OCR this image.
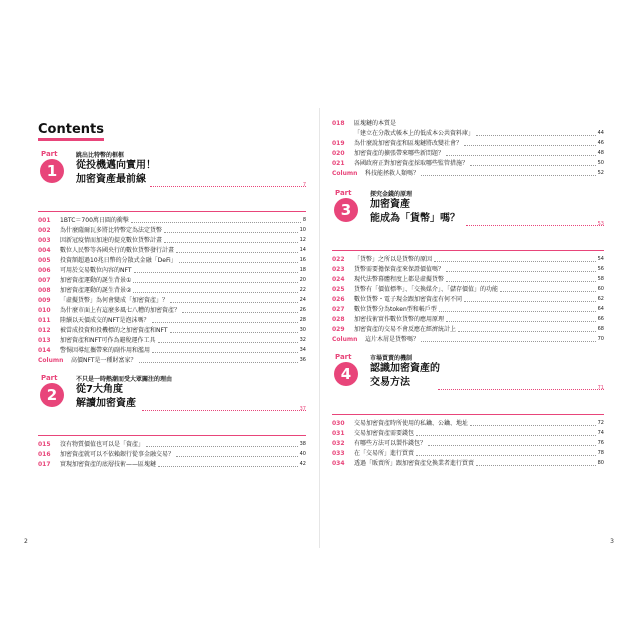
Contents
Part
1
跳出比特幣的框框
從投機邁向實用！
加密資產最前線	7
001	1BTC＝700萬日圓的衝擊	8
002	為什麼薩爾瓦多將比特幣定為法定貨幣	10
003	因新冠疫情而加速的提克數位貨幣計畫	12
004	數位人民幣等各國央行的數位貨幣發行計畫	14
005	投資額超過10兆日幣的分散式金融「DeFi」	16
006	可用於交易數位內容的NFT	18
007	加密資產運動的誕生背景①	20
008	加密資產運動的誕生背景②	22
009	「虛擬貨幣」為何會變成「加密資產」？	24
010	為什麼市面上有這麼多風七八糟的加密資產？	26
011	陸續以天價成交的NFT是泡沫嗎？	28
012	被當成投資和投機標的之加密資產和NFT	30
013	加密資產和NFT可作為避稅運作工具	32
014	警惕因導紅攜帶來的副作用和濫用	34
Column	高價NFT是一種財富家？	36
Part
2
不只是一時熱潮而受大眾關注的理由
從7大角度
解讀加密資產	37
015	沒有物質價值也可以是「資產」	38
016	加密資產就可以不依賴銀行從事金融交易？	40
017	實現加密資產的底層技術——區塊鏈	42
2
018	區塊鏈的本質是
「建立在分散式帳本上的低成本公共資料庫」	44
019	為什麼說加密資產和區塊鏈將改變社會？	46
020	加密資產的擴張帶來哪些新問題？	48
021	各國政府正對加密資產採取哪些監管措施？	50
Column	科技能拯救人類嗎？	52
Part
3
探究金錢的原理
加密資產
能成為「貨幣」嗎？	53
022	「貨幣」之所以是貨幣的原因	54
023	貨幣需要擔保資產來保證價值嗎？	56
024	現代法幣幕體程度上都是虛擬貨幣	58
025	貨幣有「價值標準」、「交換媒介」、「儲存價值」的功能	60
026	數位貨幣・電子現金跟加密資產有何不同	62
027	數位貨幣分為token型和帳戶型	64
028	加密技術實作數位貨幣的應用原理	66
029	加密資產的交易不會反應在經濟統計上	68
Column	這片木屑是貨幣嗎？	70
Part
4
市場買賣的機制
認識加密資產的
交易方法	71
030	交易加密資產時所使用的私鑰、公鑰、地址	72
031	交易加密資產需要錢包	74
032	有哪些方法可以製作錢包？	76
033	在「交易所」進行買賣	78
034	透過「販賣所」跟加密資產兌換業者進行買賣	80
3
